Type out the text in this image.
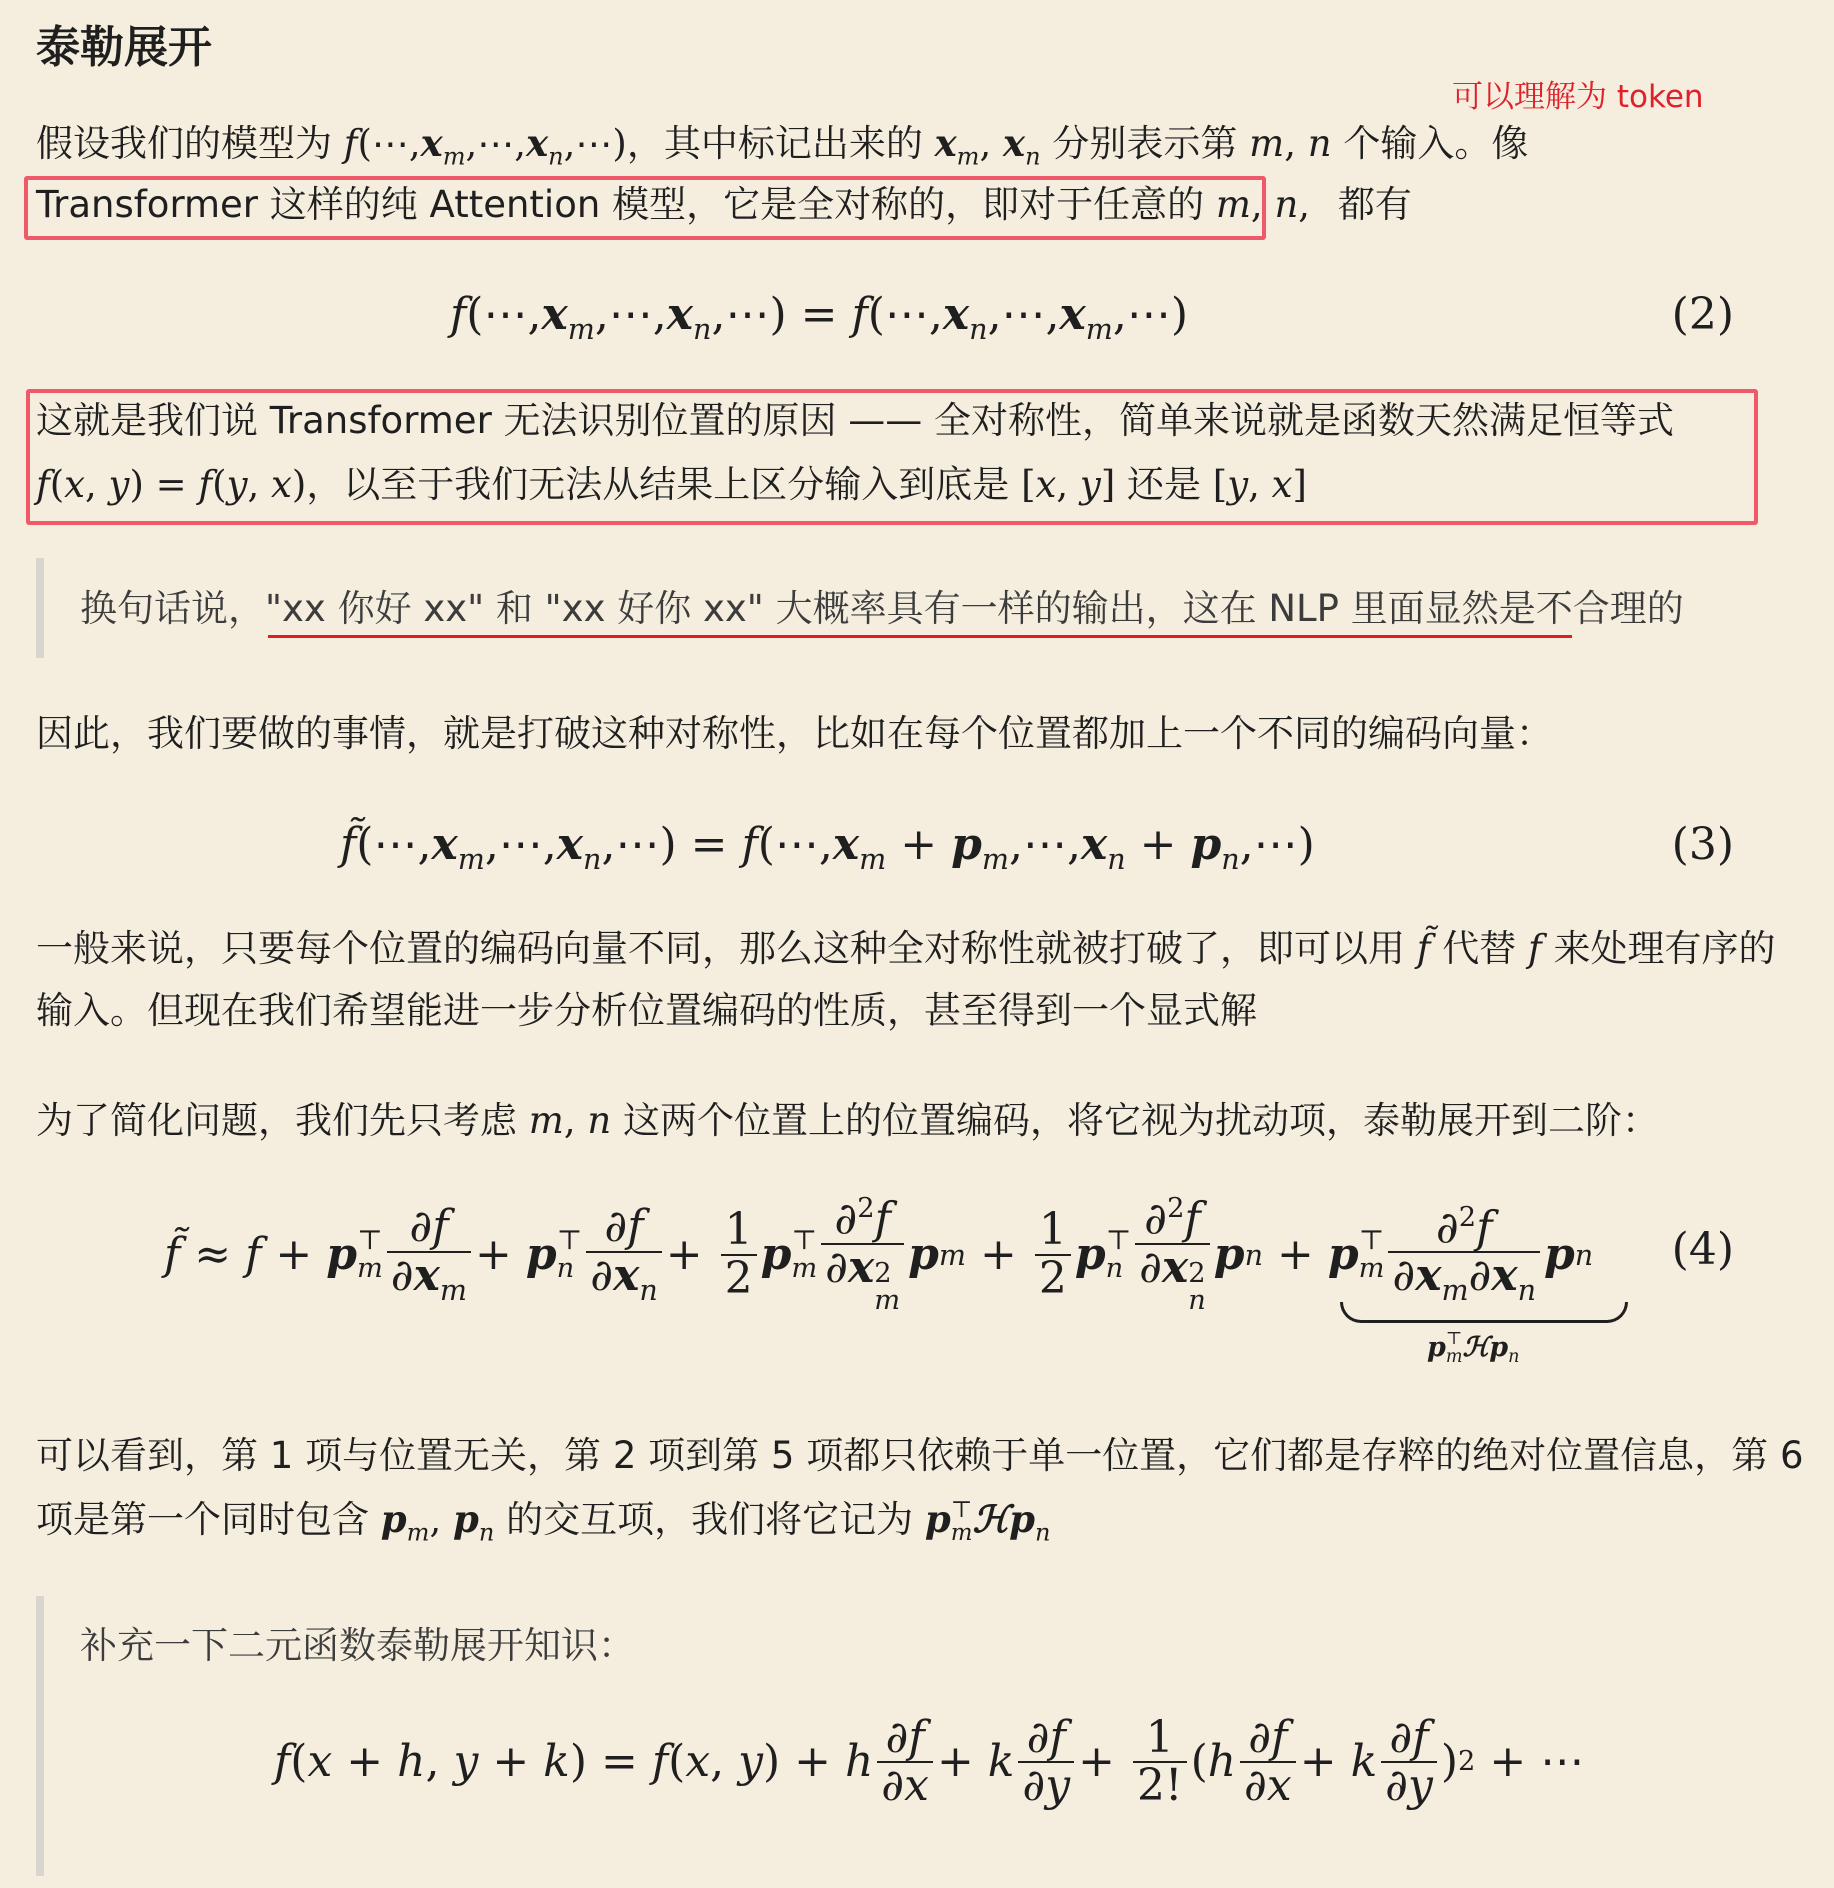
泰勒展开
可以理解为 token
假设我们的模型为 $f(\cdots,x_m,\cdots,x_n,\cdots)$，其中标记出来的 $x_m$, $x_n$ 分别表示第 m, n 个输入。像
Transformer 这样的纯 Attention 模型，它是全对称的，即对于任意的 m, n, 都有
$f(\cdots,x_m,\cdots,x_n,\cdots)$ = $f(\cdots,x_n,\cdots,x_m,\cdots)$	(2)
这就是我们说 Transformer 无法识别位置的原因 —— 全对称性，简单来说就是函数天然满足恒等式
f(x, y) = f(y, x)，以至于我们无法从结果上区分输入到底是 [x, y] 还是 [y, x]
换句话说，"xx 你好 xx" 和 "xx 好你 xx" 大概率具有一样的输出，这在 NLP 里面显然是不合理的
因此，我们要做的事情，就是打破这种对称性，比如在每个位置都加上一个不同的编码向量：
$f̃(\cdots,x_m,\cdots,x_n,\cdots)$ = $f(\cdots,x_m$ + $p_m,\cdots,x_n$ + $p_n,\cdots$)	(3)
一般来说，只要每个位置的编码向量不同，那么这种全对称性就被打破了，即可以用 f̃ 代替 f 来处理有序的
输入。但现在我们希望能进一步分析位置编码的性质，甚至得到一个显式解
为了简化问题，我们先只考虑 m, n 这两个位置上的位置编码，将它视为扰动项，泰勒展开到二阶：
f̃ ≈ f + p ⊤
m $\frac{\partial f}{\partial x_m} + p$ ⊤
n $\frac{\partial f}{\partial x_n} + \frac{1}{2}$ p ⊤
m ∂$^2$f
∂x 2
m p $m + \frac{1}{2}$ p ⊤
n ∂$^2$f
∂x 2
n p n + p ⊤
m $\frac{\partial^2f}{\partial x_m\partial x_n}$ p n (4)
p ⊤
m ℋp$_n$
可以看到，第 1 项与位置无关，第 2 项到第 5 项都只依赖于单一位置，它们都是存粹的绝对位置信息，第 6
项是第一个同时包含 $p_m$, $p_n$ 的交互项，我们将它记为 p ⊤
m ℋp$_n$
补充一下二元函数泰勒展开知识：
f ( x + h , y + k ) = f ( x , y ) + h $\frac{\partial f}{\partial x} + k \frac{\partial f}{\partial y} + \frac{1}{2!}$ ( h $\frac{\partial f}{\partial x} + k \frac{\partial f}{\partial y}$ ) 2 + ⋯
